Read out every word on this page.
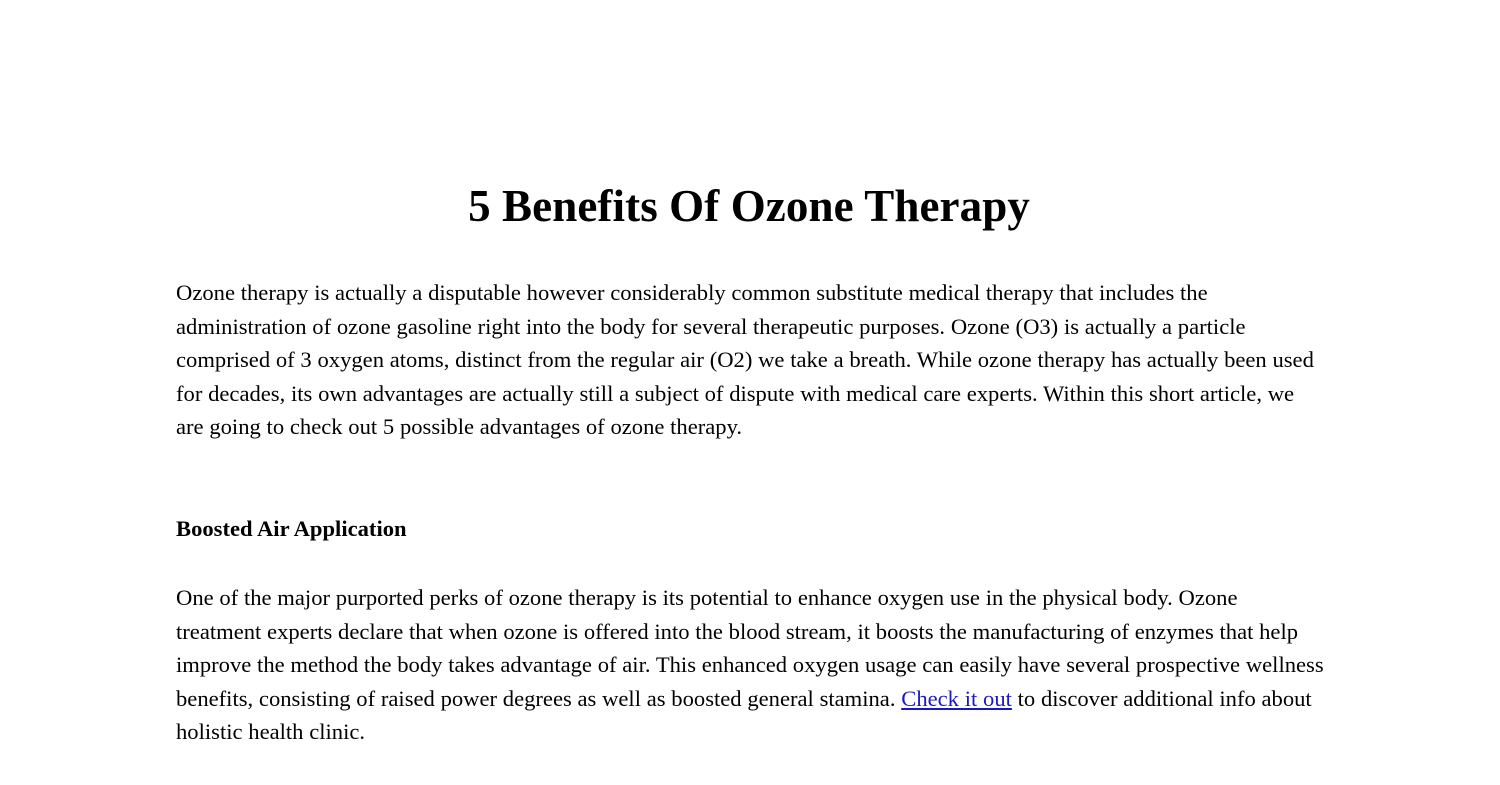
5 Benefits Of Ozone Therapy

Ozone therapy is actually a disputable however considerably common substitute medical therapy that includes the administration of ozone gasoline right into the body for several therapeutic purposes. Ozone (O3) is actually a particle comprised of 3 oxygen atoms, distinct from the regular air (O2) we take a breath. While ozone therapy has actually been used for decades, its own advantages are actually still a subject of dispute with medical care experts. Within this short article, we are going to check out 5 possible advantages of ozone therapy.

Boosted Air Application

One of the major purported perks of ozone therapy is its potential to enhance oxygen use in the physical body. Ozone treatment experts declare that when ozone is offered into the blood stream, it boosts the manufacturing of enzymes that help improve the method the body takes advantage of air. This enhanced oxygen usage can easily have several prospective wellness benefits, consisting of raised power degrees as well as boosted general stamina. Check it out to discover additional info about holistic health clinic.
